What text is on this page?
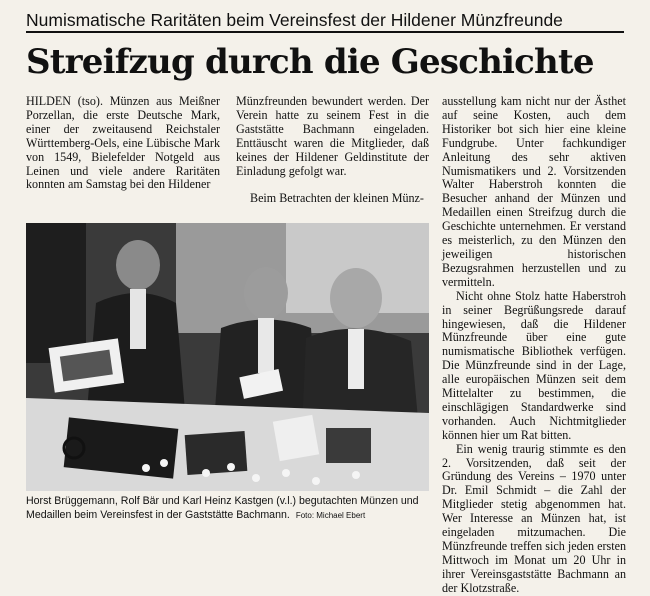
Numismatische Raritäten beim Vereinsfest der Hildener Münzfreunde
Streifzug durch die Geschichte

HILDEN (tso). Münzen aus Meißner Porzellan, die erste Deutsche Mark, einer der zweitausend Reichstaler Württemberg-Oels, eine Lübische Mark von 1549, Bielefelder Notgeld aus Leinen und viele andere Raritäten konnten am Samstag bei den Hildener

Münzfreunden bewundert werden. Der Verein hatte zu seinem Fest in die Gaststätte Bachmann eingeladen. Enttäuscht waren die Mitglieder, daß keines der Hildener Geldinstitute der Einladung gefolgt war.

Beim Betrachten der kleinen Münz-

ausstellung kam nicht nur der Ästhet auf seine Kosten, auch dem Historiker bot sich hier eine kleine Fundgrube. Unter fachkundiger Anleitung des sehr aktiven Numismatikers und 2. Vorsitzenden Walter Haberstroh konnten die Besucher anhand der Münzen und Medaillen einen Streifzug durch die Geschichte unternehmen. Er verstand es meisterlich, zu den Münzen den jeweiligen historischen Bezugsrahmen herzustellen und zu vermitteln.

Nicht ohne Stolz hatte Haberstroh in seiner Begrüßungsrede darauf hingewiesen, daß die Hildener Münzfreunde über eine gute numismatische Bibliothek verfügen. Die Münzfreunde sind in der Lage, alle europäischen Münzen seit dem Mittelalter zu bestimmen, die einschlägigen Standardwerke sind vorhanden. Auch Nichtmitglieder können hier um Rat bitten.

Ein wenig traurig stimmte es den 2. Vorsitzenden, daß seit der Gründung des Vereins – 1970 unter Dr. Emil Schmidt – die Zahl der Mitglieder stetig abgenommen hat. Wer Interesse an Münzen hat, ist eingeladen mitzumachen. Die Münzfreunde treffen sich jeden ersten Mittwoch im Monat um 20 Uhr in ihrer Vereinsgaststätte Bachmann an der Klotzstraße.

Horst Brüggemann, Rolf Bär und Karl Heinz Kastgen (v.l.) begutachten Münzen und Medaillen beim Vereinsfest in der Gaststätte Bachmann. Foto: Michael Ebert
